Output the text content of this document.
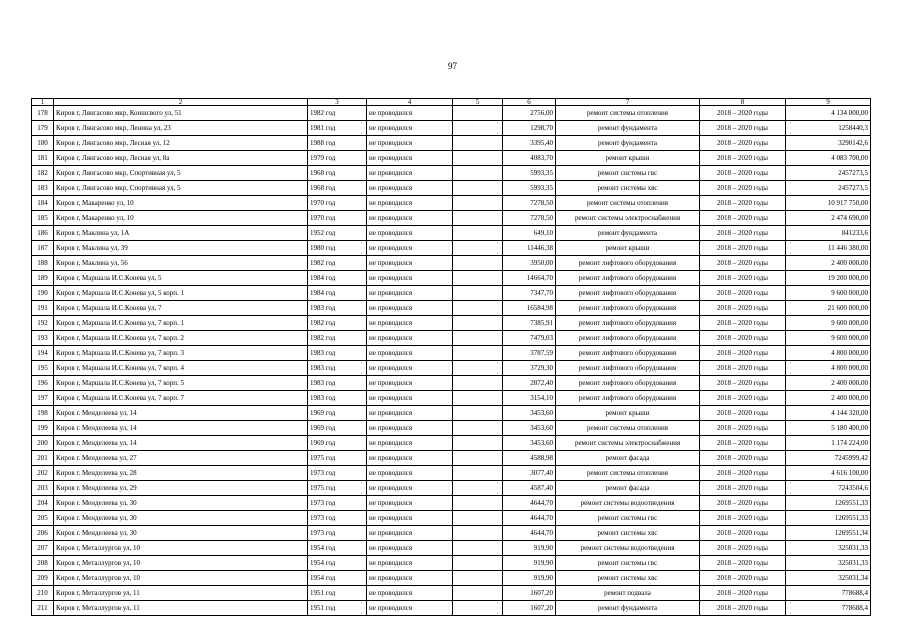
97
1	2	3	4	5	6	7	8	9
178	Киров г, Лянгасово мкр, Коишсвого ул, 51	1982 год	не проводился		2756,00	ремонт системы отопления	2018 – 2020 годы	4 134 000,00
179	Киров г, Лянгасово мкр, Ленина ул, 23	1981 год	не проводился		1298,70	ремонт фундамента	2018 – 2020 годы	1258440,3
180	Киров г, Лянгасово мкр, Лесная ул, 12	1988 год	не проводился		3395,40	ремонт фундамента	2018 – 2020 годы	3290142,6
181	Киров г, Лянгасово мкр, Лесная ул, 8а	1979 год	не проводился		4083,70	ремонт крыши	2018 – 2020 годы	4 083 700,00
182	Киров г, Лянгасово мкр, Спортивная ул, 5	1968 год	не проводился		5993,35	ремонт системы гвс	2018 – 2020 годы	2457273,5
183	Киров г, Лянгасово мкр, Спортивная ул, 5	1968 год	не проводился		5993,35	ремонт системы хвс	2018 – 2020 годы	2457273,5
184	Киров г, Макаренко ул, 10	1970 год	не проводился		7278,50	ремонт системы отопления	2018 – 2020 годы	10 917 750,00
185	Киров г, Макаренко ул, 10	1970 год	не проводился		7278,50	ремонт системы электроснабжения	2018 – 2020 годы	2 474 690,00
186	Киров г, Маклина ул, 1А	1952 год	не проводился		649,10	ремонт фундамента	2018 – 2020 годы	841233,6
187	Киров г, Маклина ул, 39	1980 год	не проводился		11446,38	ремонт крыши	2018 – 2020 годы	11 446 380,00
188	Киров г, Маклина ул, 56	1982 год	не проводился		3950,00	ремонт лифтового оборудования	2018 – 2020 годы	2 400 000,00
189	Киров г, Маршала И.С.Конева ул, 5	1984 год	не проводился		14664,70	ремонт лифтового оборудования	2018 – 2020 годы	19 200 000,00
190	Киров г, Маршала И.С.Конева ул, 5 корп. 1	1984 год	не проводился		7347,70	ремонт лифтового оборудования	2018 – 2020 годы	9 600 000,00
191	Киров г, Маршала И.С.Конева ул, 7	1983 год	не проводился		16584,98	ремонт лифтового оборудования	2018 – 2020 годы	21 600 000,00
192	Киров г, Маршала И.С.Конева ул, 7 корп. 1	1982 год	не проводился		7385,91	ремонт лифтового оборудования	2018 – 2020 годы	9 600 000,00
193	Киров г, Маршала И.С.Конева ул, 7 корп. 2	1982 год	не проводился		7479,03	ремонт лифтового оборудования	2018 – 2020 годы	9 600 000,00
194	Киров г, Маршала И.С.Конева ул, 7 корп. 3	1983 год	не проводился		3787,59	ремонт лифтового оборудования	2018 – 2020 годы	4 800 000,00
195	Киров г, Маршала И.С.Конева ул, 7 корп. 4	1983 год	не проводился		3729,30	ремонт лифтового оборудования	2018 – 2020 годы	4 800 000,00
196	Киров г, Маршала И.С.Конева ул, 7 корп. 5	1983 год	не проводился		2872,40	ремонт лифтового оборудования	2018 – 2020 годы	2 400 000,00
197	Киров г, Маршала И.С.Конева ул, 7 корп. 7	1983 год	не проводился		3154,10	ремонт лифтового оборудования	2018 – 2020 годы	2 400 000,00
198	Киров г. Менделеева ул, 14	1969 год	не проводился		3453,60	ремонт крыши	2018 – 2020 годы	4 144 320,00
199	Киров г. Менделеева ул, 14	1969 год	не проводился		3453,60	ремонт системы отопления	2018 – 2020 годы	5 180 400,00
200	Киров г. Менделеева ул, 14	1969 год	не проводился		3453,60	ремонт системы электроснабжения	2018 – 2020 годы	1 174 224,00
201	Киров г. Менделеева ул, 27	1975 год	не проводился		4588,98	ремонт фасада	2018 – 2020 годы	7245999,42
202	Киров г. Менделеева ул, 28	1973 год	не проводился		3077,40	ремонт системы отопления	2018 – 2020 годы	4 616 100,00
203	Киров г. Менделеева ул, 29	1975 год	не проводился		4587,40	ремонт фасада	2018 – 2020 годы	7243504,6
204	Киров г. Менделеева ул, 30	1973 год	не проводился		4644,70	ремонт системы водоотведения	2018 – 2020 годы	1269551,33
205	Киров г. Менделеева ул, 30	1973 год	не проводился		4644,70	ремонт системы гвс	2018 – 2020 годы	1269551,33
206	Киров г. Менделеева ул, 30	1973 год	не проводился		4644,70	ремонт системы хвс	2018 – 2020 годы	1269551,34
207	Киров г, Металлургов ул, 10	1954 год	не проводился		919,90	ремонт системы водоотведения	2018 – 2020 годы	325031,33
208	Киров г, Металлургов ул, 10	1954 год	не проводился		919,90	ремонт системы гвс	2018 – 2020 годы	325031,33
209	Киров г, Металлургов ул, 10	1954 год	не проводился		919,90	ремонт системы хвс	2018 – 2020 годы	325031,34
210	Киров г, Металлургов ул, 11	1951 год	не проводился		1607,20	ремонт подвала	2018 – 2020 годы	778688,4
211	Киров г, Металлургов ул, 11	1951 год	не проводился		1607,20	ремонт фундамента	2018 – 2020 годы	778688,4
